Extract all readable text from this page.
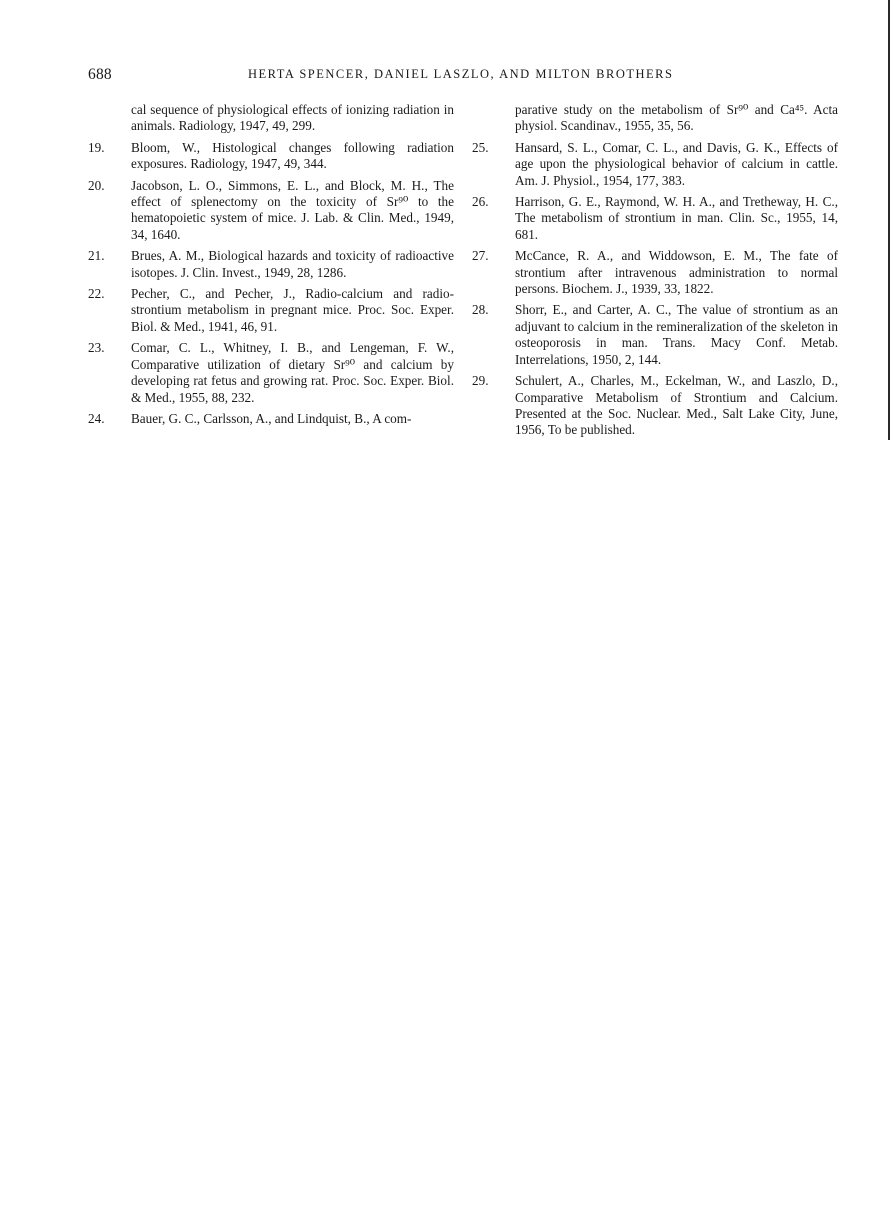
688	HERTA SPENCER, DANIEL LASZLO, AND MILTON BROTHERS
cal sequence of physiological effects of ionizing radiation in animals. Radiology, 1947, 49, 299.
19.	Bloom, W., Histological changes following radiation exposures. Radiology, 1947, 49, 344.
20.	Jacobson, L. O., Simmons, E. L., and Block, M. H., The effect of splenectomy on the toxicity of Sr⁹⁰ to the hematopoietic system of mice. J. Lab. & Clin. Med., 1949, 34, 1640.
21.	Brues, A. M., Biological hazards and toxicity of radioactive isotopes. J. Clin. Invest., 1949, 28, 1286.
22.	Pecher, C., and Pecher, J., Radio-calcium and radio-strontium metabolism in pregnant mice. Proc. Soc. Exper. Biol. & Med., 1941, 46, 91.
23.	Comar, C. L., Whitney, I. B., and Lengeman, F. W., Comparative utilization of dietary Sr⁹⁰ and calcium by developing rat fetus and growing rat. Proc. Soc. Exper. Biol. & Med., 1955, 88, 232.
24.	Bauer, G. C., Carlsson, A., and Lindquist, B., A com-
parative study on the metabolism of Sr⁹⁰ and Ca⁴⁵. Acta physiol. Scandinav., 1955, 35, 56.
25.	Hansard, S. L., Comar, C. L., and Davis, G. K., Effects of age upon the physiological behavior of calcium in cattle. Am. J. Physiol., 1954, 177, 383.
26.	Harrison, G. E., Raymond, W. H. A., and Tretheway, H. C., The metabolism of strontium in man. Clin. Sc., 1955, 14, 681.
27.	McCance, R. A., and Widdowson, E. M., The fate of strontium after intravenous administration to normal persons. Biochem. J., 1939, 33, 1822.
28.	Shorr, E., and Carter, A. C., The value of strontium as an adjuvant to calcium in the remineralization of the skeleton in osteoporosis in man. Trans. Macy Conf. Metab. Interrelations, 1950, 2, 144.
29.	Schulert, A., Charles, M., Eckelman, W., and Laszlo, D., Comparative Metabolism of Strontium and Calcium. Presented at the Soc. Nuclear. Med., Salt Lake City, June, 1956, To be published.
